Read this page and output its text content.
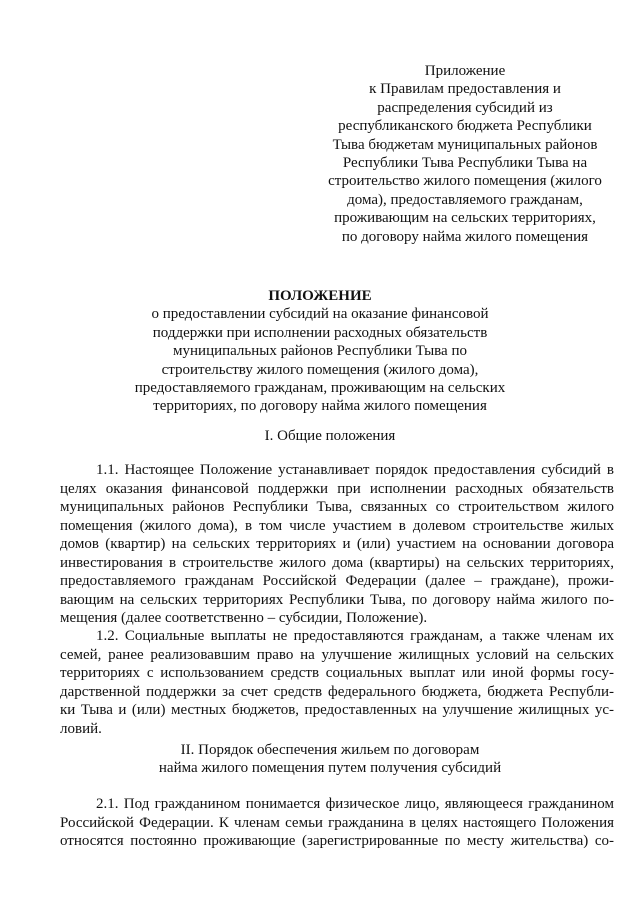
Приложение
к Правилам предоставления и
распределения субсидий из
республиканского бюджета Республики
Тыва бюджетам муниципальных районов
Республики Тыва Республики Тыва на
строительство жилого помещения (жилого
дома), предоставляемого гражданам,
проживающим на сельских территориях,
по договору найма жилого помещения
ПОЛОЖЕНИЕ
о предоставлении субсидий на оказание финансовой
поддержки при исполнении расходных обязательств
муниципальных районов Республики Тыва по
строительству жилого помещения (жилого дома),
предоставляемого гражданам, проживающим на сельских
территориях, по договору найма жилого помещения
I. Общие положения
1.1. Настоящее Положение устанавливает порядок предоставления субсидий в
целях оказания финансовой поддержки при исполнении расходных обязательств
муниципальных районов Республики Тыва, связанных со строительством жилого
помещения (жилого дома), в том числе участием в долевом строительстве жилых
домов (квартир) на сельских территориях и (или) участием на основании договора
инвестирования в строительстве жилого дома (квартиры) на сельских территориях,
предоставляемого гражданам Российской Федерации (далее – граждане), прожи-
вающим на сельских территориях Республики Тыва, по договору найма жилого по-
мещения (далее соответственно – субсидии, Положение).
1.2. Социальные выплаты не предоставляются гражданам, а также членам их
семей, ранее реализовавшим право на улучшение жилищных условий на сельских
территориях с использованием средств социальных выплат или иной формы госу-
дарственной поддержки за счет средств федерального бюджета, бюджета Республи-
ки Тыва и (или) местных бюджетов, предоставленных на улучшение жилищных ус-
ловий.
II. Порядок обеспечения жильем по договорам
найма жилого помещения путем получения субсидий
2.1. Под гражданином понимается физическое лицо, являющееся гражданином
Российской Федерации. К членам семьи гражданина в целях настоящего Положения
относятся постоянно проживающие (зарегистрированные по месту жительства) со-
